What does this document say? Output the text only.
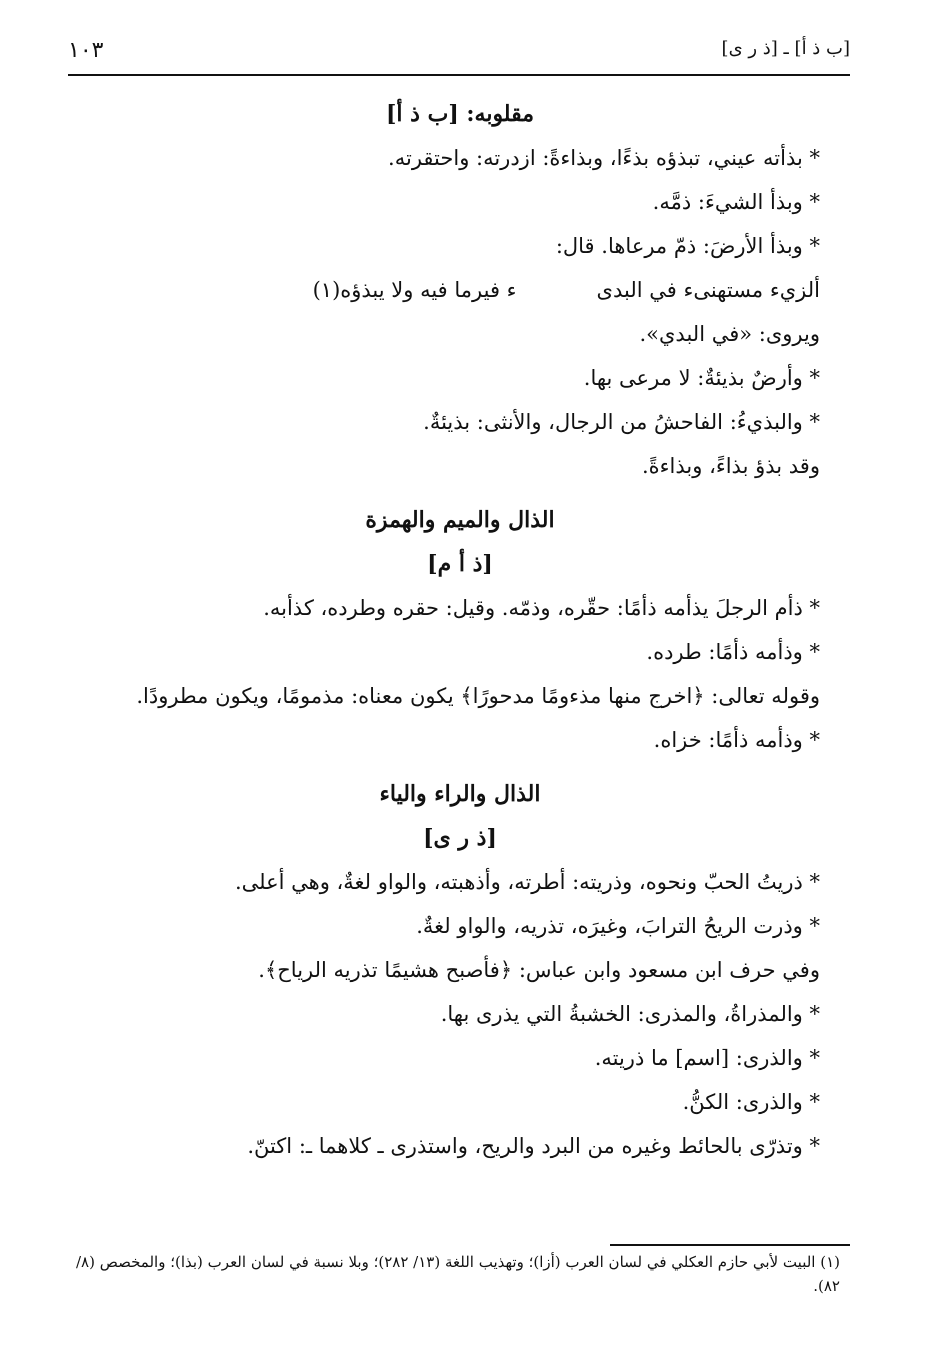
١٠٣	[ب ذ أ] ـ [ذ ر ى]
مقلوبه: [ب ذ أ]

* بذأته عيني، تبذؤه بذءًا، وبذاءةً: ازدرته: واحتقرته.

* وبذأ الشيءَ: ذمَّه.

* وبذأ الأرضَ: ذمّ مرعاها. قال:

ألزيء مستهنىء في البدى
ء فيرما فيه ولا يبذؤه(١)

ويروى: «في البدي».

* وأرضٌ بذيئةٌ: لا مرعى بها.

* والبذيءُ: الفاحشُ من الرجال، والأنثى: بذيئةٌ.

وقد بذؤ بذاءً، وبذاءةً.

الذال والميم والهمزة
[ذ أ م]

* ذأم الرجلَ يذأمه ذأمًا: حقّره، وذمّه. وقيل: حقره وطرده، كذأبه.

* وذأمه ذأمًا: طرده.

وقوله تعالى: ﴿اخرج منها مذءومًا مدحورًا﴾ يكون معناه: مذمومًا، ويكون مطرودًا.

* وذأمه ذأمًا: خزاه.

الذال والراء والياء
[ذ ر ى]

* ذريتُ الحبّ ونحوه، وذريته: أطرته، وأذهبته، والواو لغةٌ، وهي أعلى.

* وذرت الريحُ الترابَ، وغيرَه، تذريه، والواو لغةٌ.

وفي حرف ابن مسعود وابن عباس: ﴿فأصبح هشيمًا تذريه الرياح﴾.

* والمذراةُ، والمذرى: الخشبةُ التي يذرى بها.

* والذرى: [اسم] ما ذريته.

* والذرى: الكنُّ.

* وتذرّى بالحائط وغيره من البرد والريح، واستذرى ـ كلاهما ـ: اكتنّ.

(١) البيت لأبي حازم العكلي في لسان العرب (أزا)؛ وتهذيب اللغة (١٣/ ٢٨٢)؛ وبلا نسبة في لسان العرب (بذا)؛ والمخصص (٨/ ٨٢).
